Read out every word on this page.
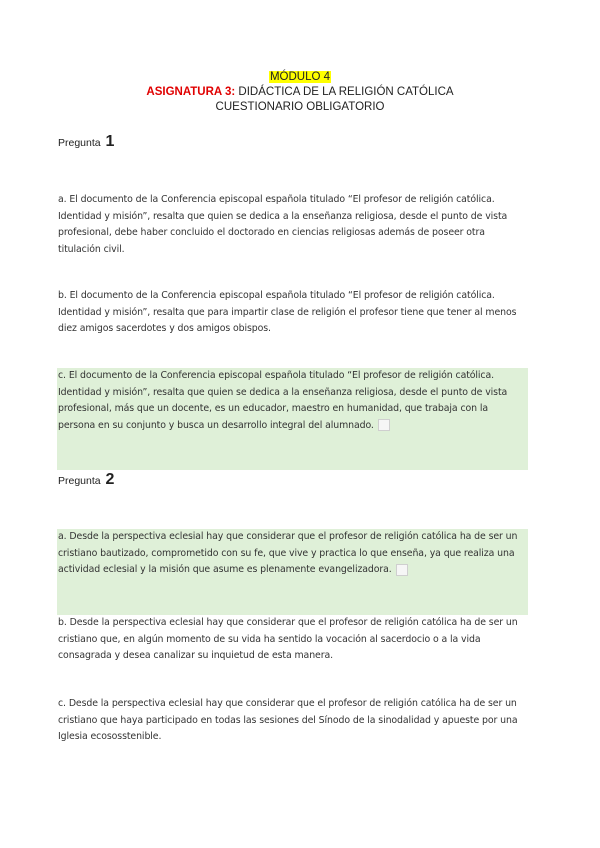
MÓDULO 4
ASIGNATURA 3: DIDÁCTICA DE LA RELIGIÓN CATÓLICA
CUESTIONARIO OBLIGATORIO
Pregunta 1
a. El documento de la Conferencia episcopal española titulado “El profesor de religión católica. Identidad y misión”, resalta que quien se dedica a la enseñanza religiosa, desde el punto de vista profesional, debe haber concluido el doctorado en ciencias religiosas además de poseer otra titulación civil.
b. El documento de la Conferencia episcopal española titulado “El profesor de religión católica. Identidad y misión”, resalta que para impartir clase de religión el profesor tiene que tener al menos diez amigos sacerdotes y dos amigos obispos.
c. El documento de la Conferencia episcopal española titulado “El profesor de religión católica. Identidad y misión”, resalta que quien se dedica a la enseñanza religiosa, desde el punto de vista profesional, más que un docente, es un educador, maestro en humanidad, que trabaja con la persona en su conjunto y busca un desarrollo integral del alumnado.
Pregunta 2
a. Desde la perspectiva eclesial hay que considerar que el profesor de religión católica ha de ser un cristiano bautizado, comprometido con su fe, que vive y practica lo que enseña, ya que realiza una actividad eclesial y la misión que asume es plenamente evangelizadora.
b. Desde la perspectiva eclesial hay que considerar que el profesor de religión católica ha de ser un cristiano que, en algún momento de su vida ha sentido la vocación al sacerdocio o a la vida consagrada y desea canalizar su inquietud de esta manera.
c. Desde la perspectiva eclesial hay que considerar que el profesor de religión católica ha de ser un cristiano que haya participado en todas las sesiones del Sínodo de la sinodalidad y apueste por una Iglesia ecososstenible.
